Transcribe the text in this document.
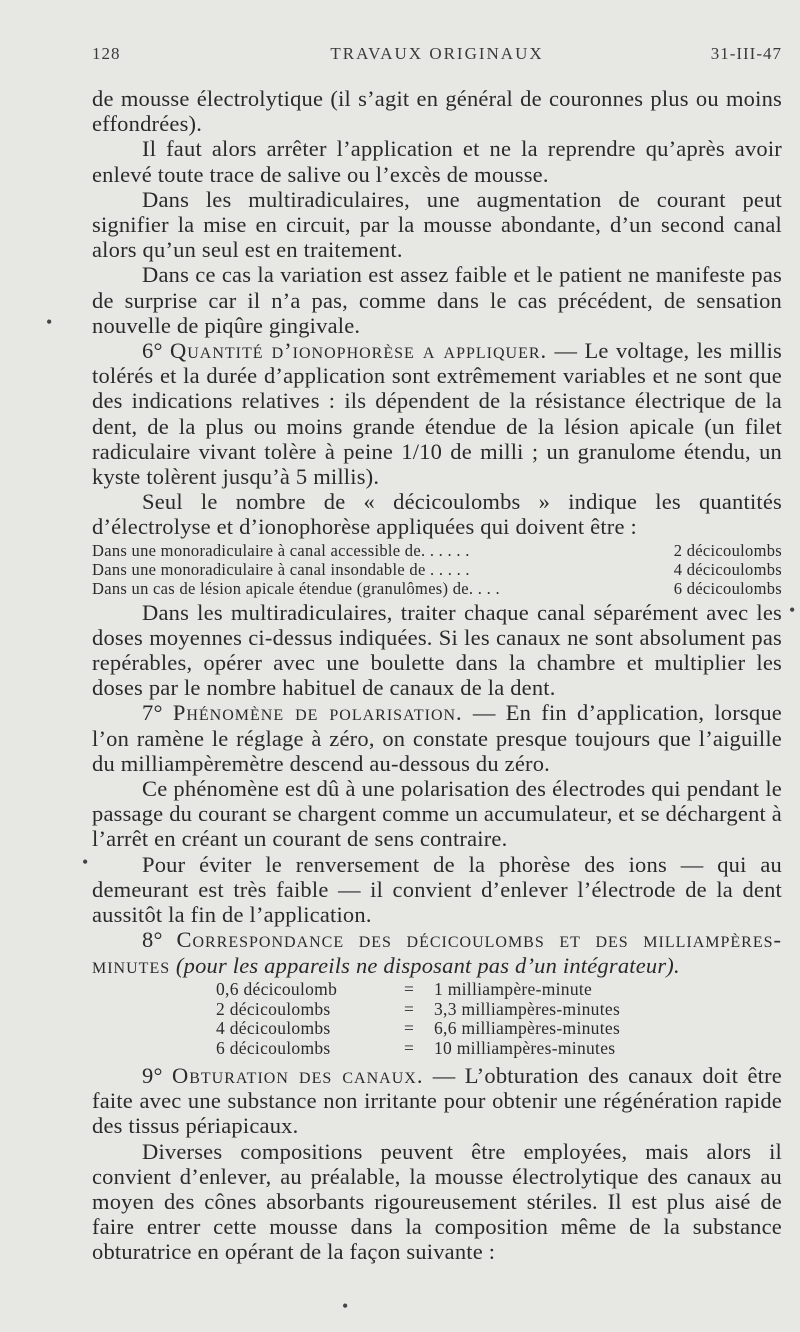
128	TRAVAUX ORIGINAUX	31-III-47

de mousse électrolytique (il s’agit en général de couronnes plus ou moins effondrées).

Il faut alors arrêter l’application et ne la reprendre qu’après avoir enlevé toute trace de salive ou l’excès de mousse.

Dans les multiradiculaires, une augmentation de courant peut signifier la mise en circuit, par la mousse abondante, d’un second canal alors qu’un seul est en traitement.

Dans ce cas la variation est assez faible et le patient ne manifeste pas de surprise car il n’a pas, comme dans le cas précédent, de sensation nouvelle de piqûre gingivale.

6° Quantité d’ionophorèse a appliquer. — Le voltage, les millis tolérés et la durée d’application sont extrêmement variables et ne sont que des indications relatives : ils dépendent de la résistance électrique de la dent, de la plus ou moins grande étendue de la lésion apicale (un filet radiculaire vivant tolère à peine 1/10 de milli ; un granulome étendu, un kyste tolèrent jusqu’à 5 millis).

Seul le nombre de « décicoulombs » indique les quantités d’électrolyse et d’ionophorèse appliquées qui doivent être :

Dans une monoradiculaire à canal accessible de. . . . . .	2 décicoulombs
Dans une monoradiculaire à canal insondable de . . . . .	4 décicoulombs
Dans un cas de lésion apicale étendue (granulômes) de. . . .	6 décicoulombs

Dans les multiradiculaires, traiter chaque canal séparément avec les doses moyennes ci-dessus indiquées. Si les canaux ne sont absolument pas repérables, opérer avec une boulette dans la chambre et multiplier les doses par le nombre habituel de canaux de la dent.

7° Phénomène de polarisation. — En fin d’application, lorsque l’on ramène le réglage à zéro, on constate presque toujours que l’aiguille du milliampèremètre descend au-dessous du zéro.

Ce phénomène est dû à une polarisation des électrodes qui pendant le passage du courant se chargent comme un accumulateur, et se déchargent à l’arrêt en créant un courant de sens contraire.

Pour éviter le renversement de la phorèse des ions — qui au demeurant est très faible — il convient d’enlever l’électrode de la dent aussitôt la fin de l’application.

8° Correspondance des décicoulombs et des milliampères-minutes (pour les appareils ne disposant pas d’un intégrateur).

0,6 décicoulomb	=	1 milliampère-minute
2 décicoulombs	=	3,3 milliampères-minutes
4 décicoulombs	=	6,6 milliampères-minutes
6 décicoulombs	=	10 milliampères-minutes

9° Obturation des canaux. — L’obturation des canaux doit être faite avec une substance non irritante pour obtenir une régénération rapide des tissus périapicaux.

Diverses compositions peuvent être employées, mais alors il convient d’enlever, au préalable, la mousse électrolytique des canaux au moyen des cônes absorbants rigoureusement stériles. Il est plus aisé de faire entrer cette mousse dans la composition même de la substance obturatrice en opérant de la façon suivante :

•
•
•
•
